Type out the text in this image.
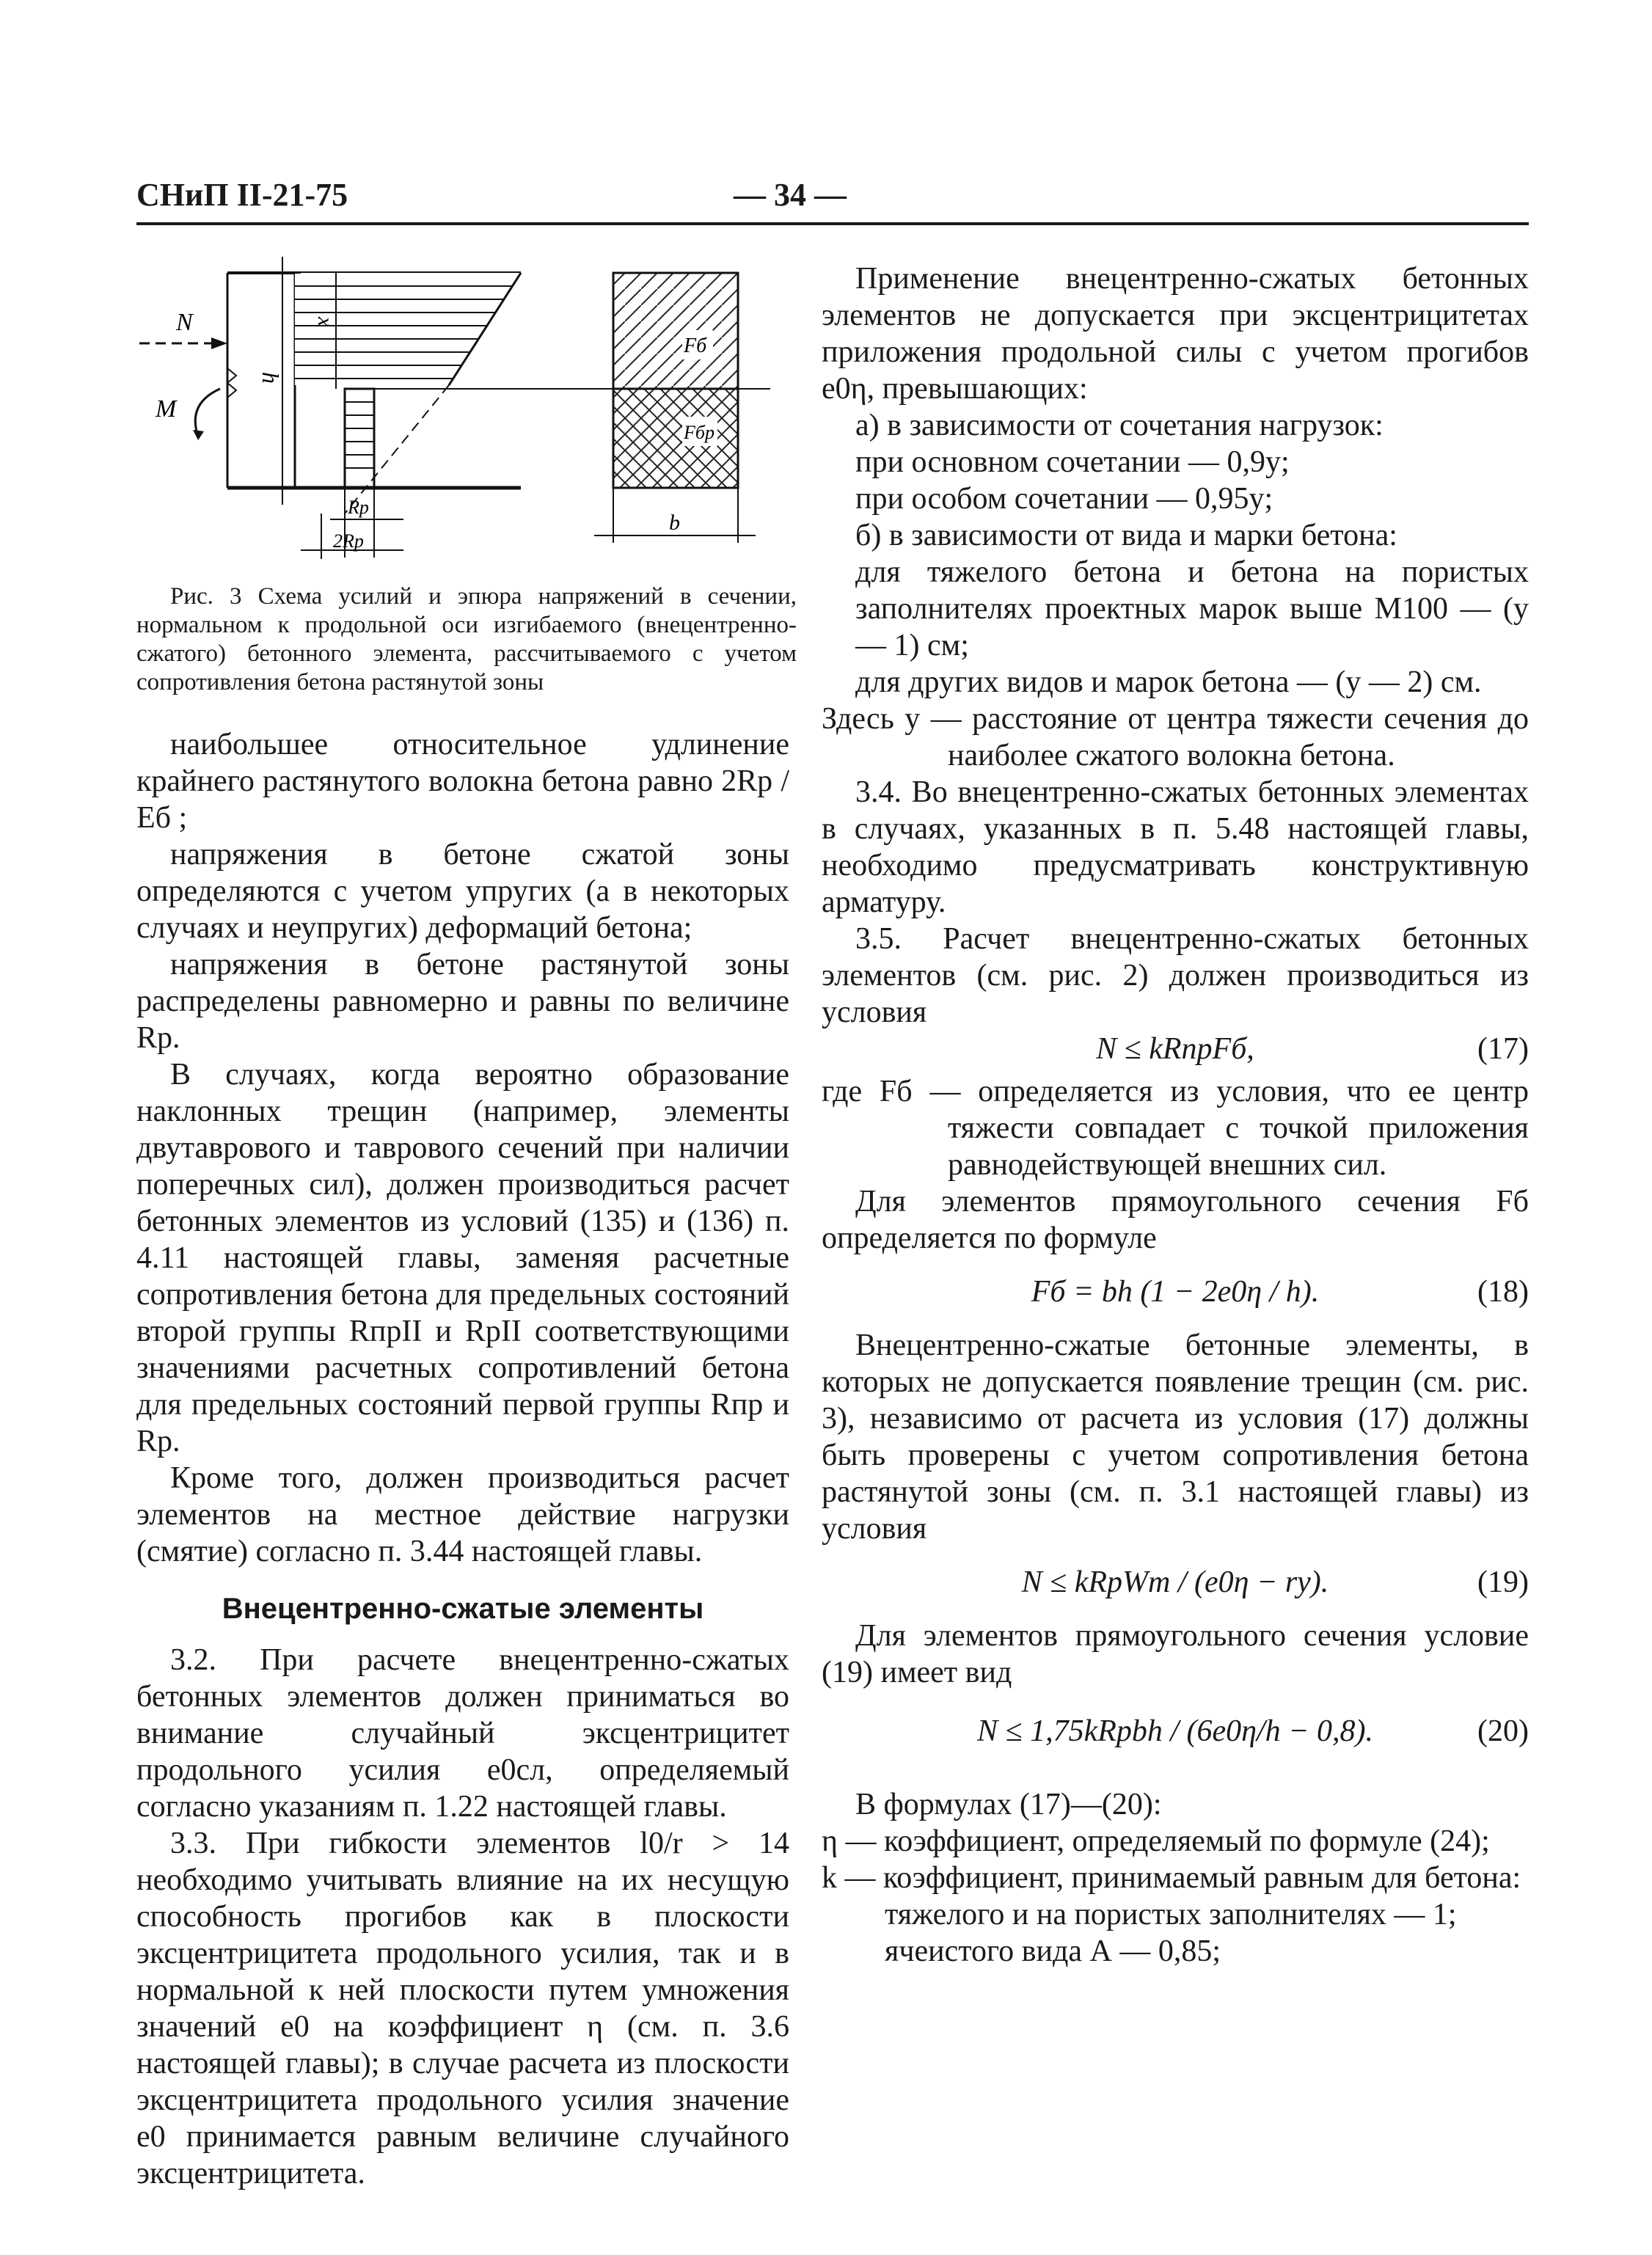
СНиП II-21-75	— 34 —
N
M
h
x
Fб
Fбр
b
Rp
2Rp
Рис. 3 Схема усилий и эпюра напряжений в сечении, нормальном к продольной оси изгибаемого (внецентренно-сжатого) бетонного элемента, рассчитываемого с учетом сопротивления бетона растянутой зоны

наибольшее относительное удлинение крайнего растянутого волокна бетона равно 2Rp / Eб ;

напряжения в бетоне сжатой зоны определяются с учетом упругих (а в некоторых случаях и неупругих) деформаций бетона;

напряжения в бетоне растянутой зоны распределены равномерно и равны по величине Rp.

В случаях, когда вероятно образование наклонных трещин (например, элементы двутаврового и таврового сечений при наличии поперечных сил), должен производиться расчет бетонных элементов из условий (135) и (136) п. 4.11 настоящей главы, заменяя расчетные сопротивления бетона для предельных состояний второй группы RпрII и RpII соответствующими значениями расчетных сопротивлений бетона для предельных состояний первой группы Rпр и Rp.

Кроме того, должен производиться расчет элементов на местное действие нагрузки (смятие) согласно п. 3.44 настоящей главы.

Внецентренно-сжатые элементы

3.2. При расчете внецентренно-сжатых бетонных элементов должен приниматься во внимание случайный эксцентрицитет продольного усилия e0сл, определяемый согласно указаниям п. 1.22 настоящей главы.

3.3. При гибкости элементов l0/r > 14 необходимо учитывать влияние на их несущую способность прогибов как в плоскости эксцентрицитета продольного усилия, так и в нормальной к ней плоскости путем умножения значений e0 на коэффициент η (см. п. 3.6 настоящей главы); в случае расчета из плоскости эксцентрицитета продольного усилия значение e0 принимается равным величине случайного эксцентрицитета.

Применение внецентренно-сжатых бетонных элементов не допускается при эксцентрицитетах приложения продольной силы с учетом прогибов e0η, превышающих:

а) в зависимости от сочетания нагрузок:

при основном сочетании — 0,9y;

при особом сочетании — 0,95y;

б) в зависимости от вида и марки бетона:

для тяжелого бетона и бетона на пористых заполнителях проектных марок выше М100 — (y — 1) см;

для других видов и марок бетона — (y — 2) см.

Здесь y — расстояние от центра тяжести сечения до наиболее сжатого волокна бетона.

3.4. Во внецентренно-сжатых бетонных элементах в случаях, указанных в п. 5.48 настоящей главы, необходимо предусматривать конструктивную арматуру.

3.5. Расчет внецентренно-сжатых бетонных элементов (см. рис. 2) должен производиться из условия

N ≤ kRпрFб,	(17)

где Fб — определяется из условия, что ее центр тяжести совпадает с точкой приложения равнодействующей внешних сил.

Для элементов прямоугольного сечения Fб определяется по формуле

Fб = bh (1 − 2e0η / h).	(18)

Внецентренно-сжатые бетонные элементы, в которых не допускается появление трещин (см. рис. 3), независимо от расчета из условия (17) должны быть проверены с учетом сопротивления бетона растянутой зоны (см. п. 3.1 настоящей главы) из условия

N ≤ kRpWт / (e0η − ry).	(19)

Для элементов прямоугольного сечения условие (19) имеет вид

N ≤ 1,75kRpbh / (6e0η/h − 0,8).	(20)

В формулах (17)—(20):

η — коэффициент, определяемый по формуле (24);

k — коэффициент, принимаемый равным для бетона:

тяжелого и на пористых заполнителях — 1;

ячеистого вида А — 0,85;
